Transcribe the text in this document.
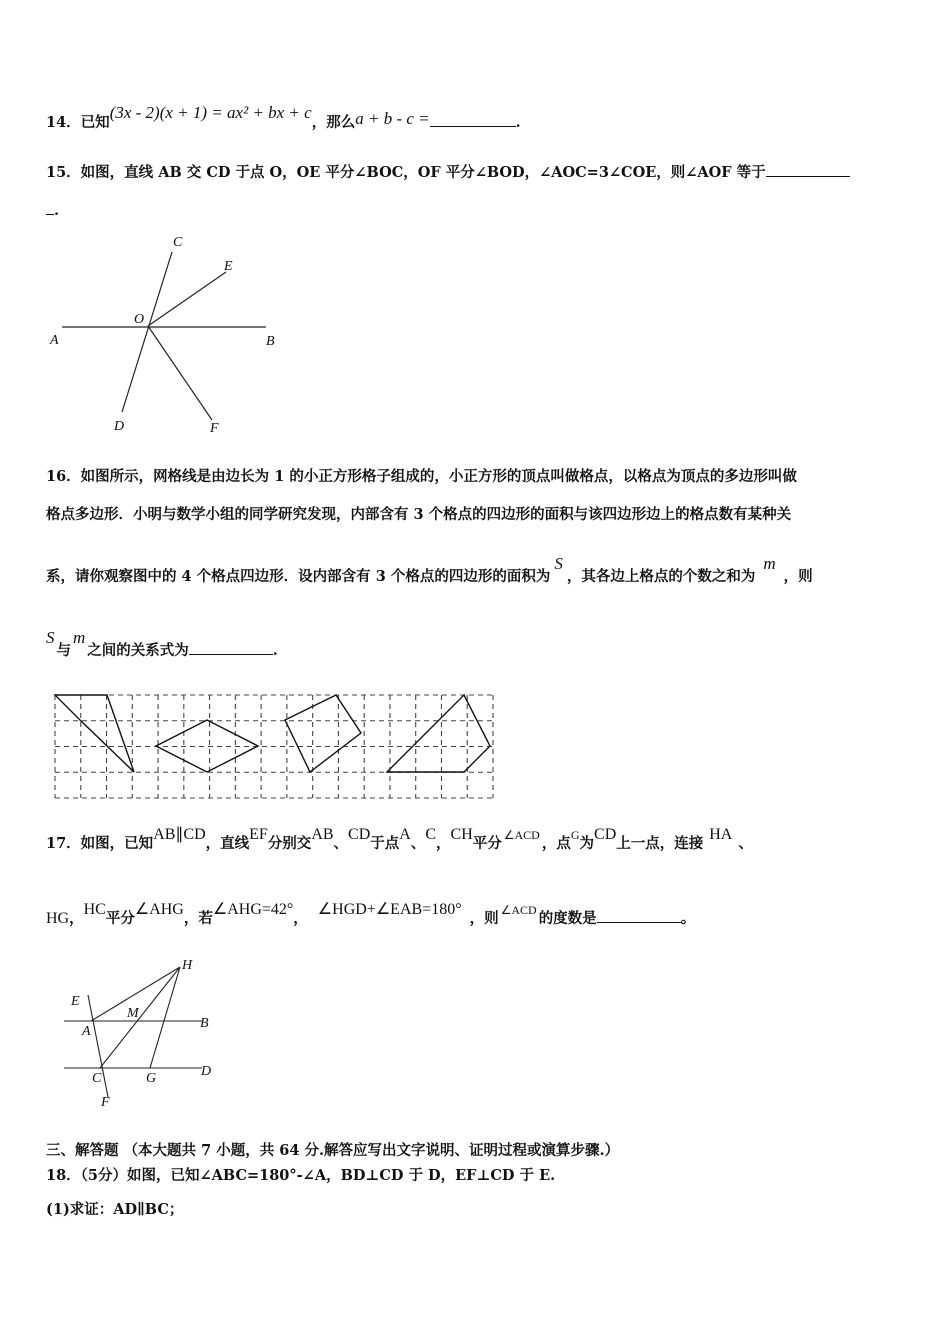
14．已知(3x - 2)(x + 1) = ax² + bx + c，那么a + b - c =	.
15．如图，直线 AB 交 CD 于点 O，OE 平分∠BOC，OF 平分∠BOD，∠AOC=3∠COE，则∠AOF 等于
.
C
E
O
A	B
D	F
16．如图所示，网格线是由边长为 1 的小正方形格子组成的，小正方形的顶点叫做格点，以格点为顶点的多边形叫做
格点多边形．小明与数学小组的同学研究发现，内部含有 3 个格点的四边形的面积与该四边形边上的格点数有某种关
系，请你观察图中的 4 个格点四边形．设内部含有 3 个格点的四边形的面积为S，其各边上格点的个数之和为m，则
S与m之间的关系式为	.
17．如图，已知AB∥CD，直线EF分别交AB、CD于点A、C，CH平分 $^{\angle ACD}$ ，点$^G$为CD上一点，连接HA、
HG，HC平分∠AHG，若∠AHG=42°，∠HGD+∠EAB=180°，则 $^{\angle ACD}$ 的度数是	。
H
E
M
A
B
C	G	D
F
三、解答题 （本大题共 7 小题，共 64 分.解答应写出文字说明、证明过程或演算步骤.）
18．（5分）如图，已知∠ABC=180°-∠A，BD⊥CD 于 D，EF⊥CD 于 E.
(1)求证：AD∥BC；
